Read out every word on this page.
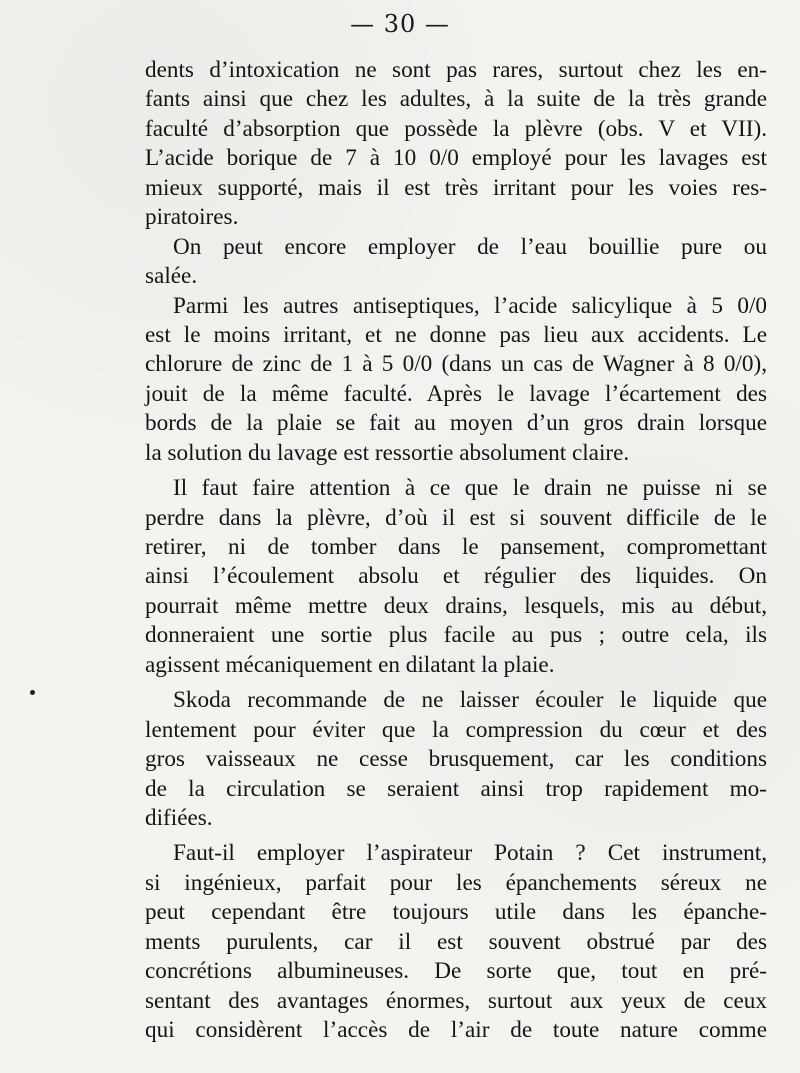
— 30 —
dents d’intoxication ne sont pas rares, surtout chez les en-
fants ainsi que chez les adultes, à la suite de la très grande
faculté d’absorption que possède la plèvre (obs. V et VII).
L’acide borique de 7 à 10 0/0 employé pour les lavages est
mieux supporté, mais il est très irritant pour les voies res-
piratoires.
On peut encore employer de l’eau bouillie pure ou
salée.
Parmi les autres antiseptiques, l’acide salicylique à 5 0/0
est le moins irritant, et ne donne pas lieu aux accidents. Le
chlorure de zinc de 1 à 5 0/0 (dans un cas de Wagner à 8 0/0),
jouit de la même faculté. Après le lavage l’écartement des
bords de la plaie se fait au moyen d’un gros drain lorsque
la solution du lavage est ressortie absolument claire.
Il faut faire attention à ce que le drain ne puisse ni se
perdre dans la plèvre, d’où il est si souvent difficile de le
retirer, ni de tomber dans le pansement, compromettant
ainsi l’écoulement absolu et régulier des liquides. On
pourrait même mettre deux drains, lesquels, mis au début,
donneraient une sortie plus facile au pus ; outre cela, ils
agissent mécaniquement en dilatant la plaie.
Skoda recommande de ne laisser écouler le liquide que
lentement pour éviter que la compression du cœur et des
gros vaisseaux ne cesse brusquement, car les conditions
de la circulation se seraient ainsi trop rapidement mo-
difiées.
Faut-il employer l’aspirateur Potain ? Cet instrument,
si ingénieux, parfait pour les épanchements séreux ne
peut cependant être toujours utile dans les épanche-
ments purulents, car il est souvent obstrué par des
concrétions albumineuses. De sorte que, tout en pré-
sentant des avantages énormes, surtout aux yeux de ceux
qui considèrent l’accès de l’air de toute nature comme
